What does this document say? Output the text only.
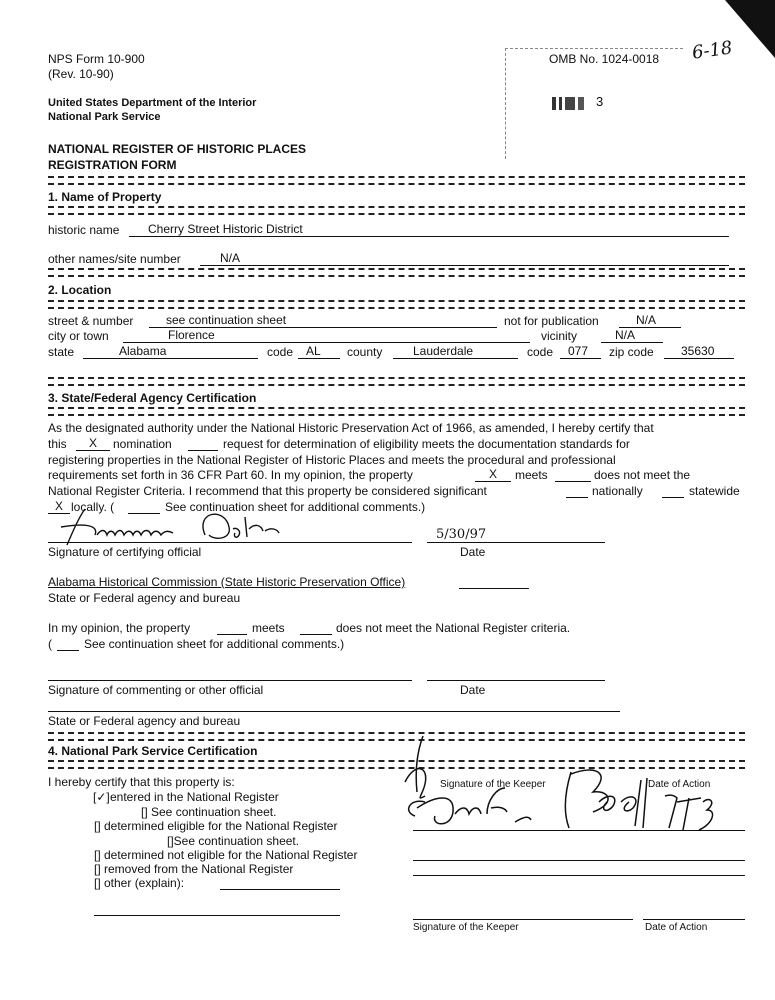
NPS Form 10-900
(Rev. 10-90)
United States Department of the Interior
National Park Service
NATIONAL REGISTER OF HISTORIC PLACES
REGISTRATION FORM
OMB No. 1024-0018 6-18
3
1. Name of Property
historic name Cherry Street Historic District
other names/site number	N/A
2. Location
street & number	see continuation sheet	not for publication	N/A
city or town	Florence	vicinity	N/A
state	Alabama	code AL county	Lauderdale	code 077 zip code 35630
3. State/Federal Agency Certification
As the designated authority under the National Historic Preservation Act of 1966, as amended, I hereby certify that
this X nomination	request for determination of eligibility meets the documentation standards for
registering properties in the National Register of Historic Places and meets the procedural and professional
requirements set forth in 36 CFR Part 60. In my opinion, the property	X meets	does not meet the
National Register Criteria. I recommend that this property be considered significant	nationally	statewide
X locally. (	See continuation sheet for additional comments.)
5/30/97
Signature of certifying official	Date
Alabama Historical Commission (State Historic Preservation Office)
State or Federal agency and bureau
In my opinion, the property	meets	does not meet the National Register criteria.
(	See continuation sheet for additional comments.)
Signature of commenting or other official	Date
State or Federal agency and bureau
4. National Park Service Certification
I hereby certify that this property is:
[✓] entered in the National Register
[] See continuation sheet.
[] determined eligible for the National Register
[]See continuation sheet.
[] determined not eligible for the National Register
[] removed from the National Register
[] other (explain):
Signature of the Keeper	Date of Action
Signature of the Keeper	Date of Action
